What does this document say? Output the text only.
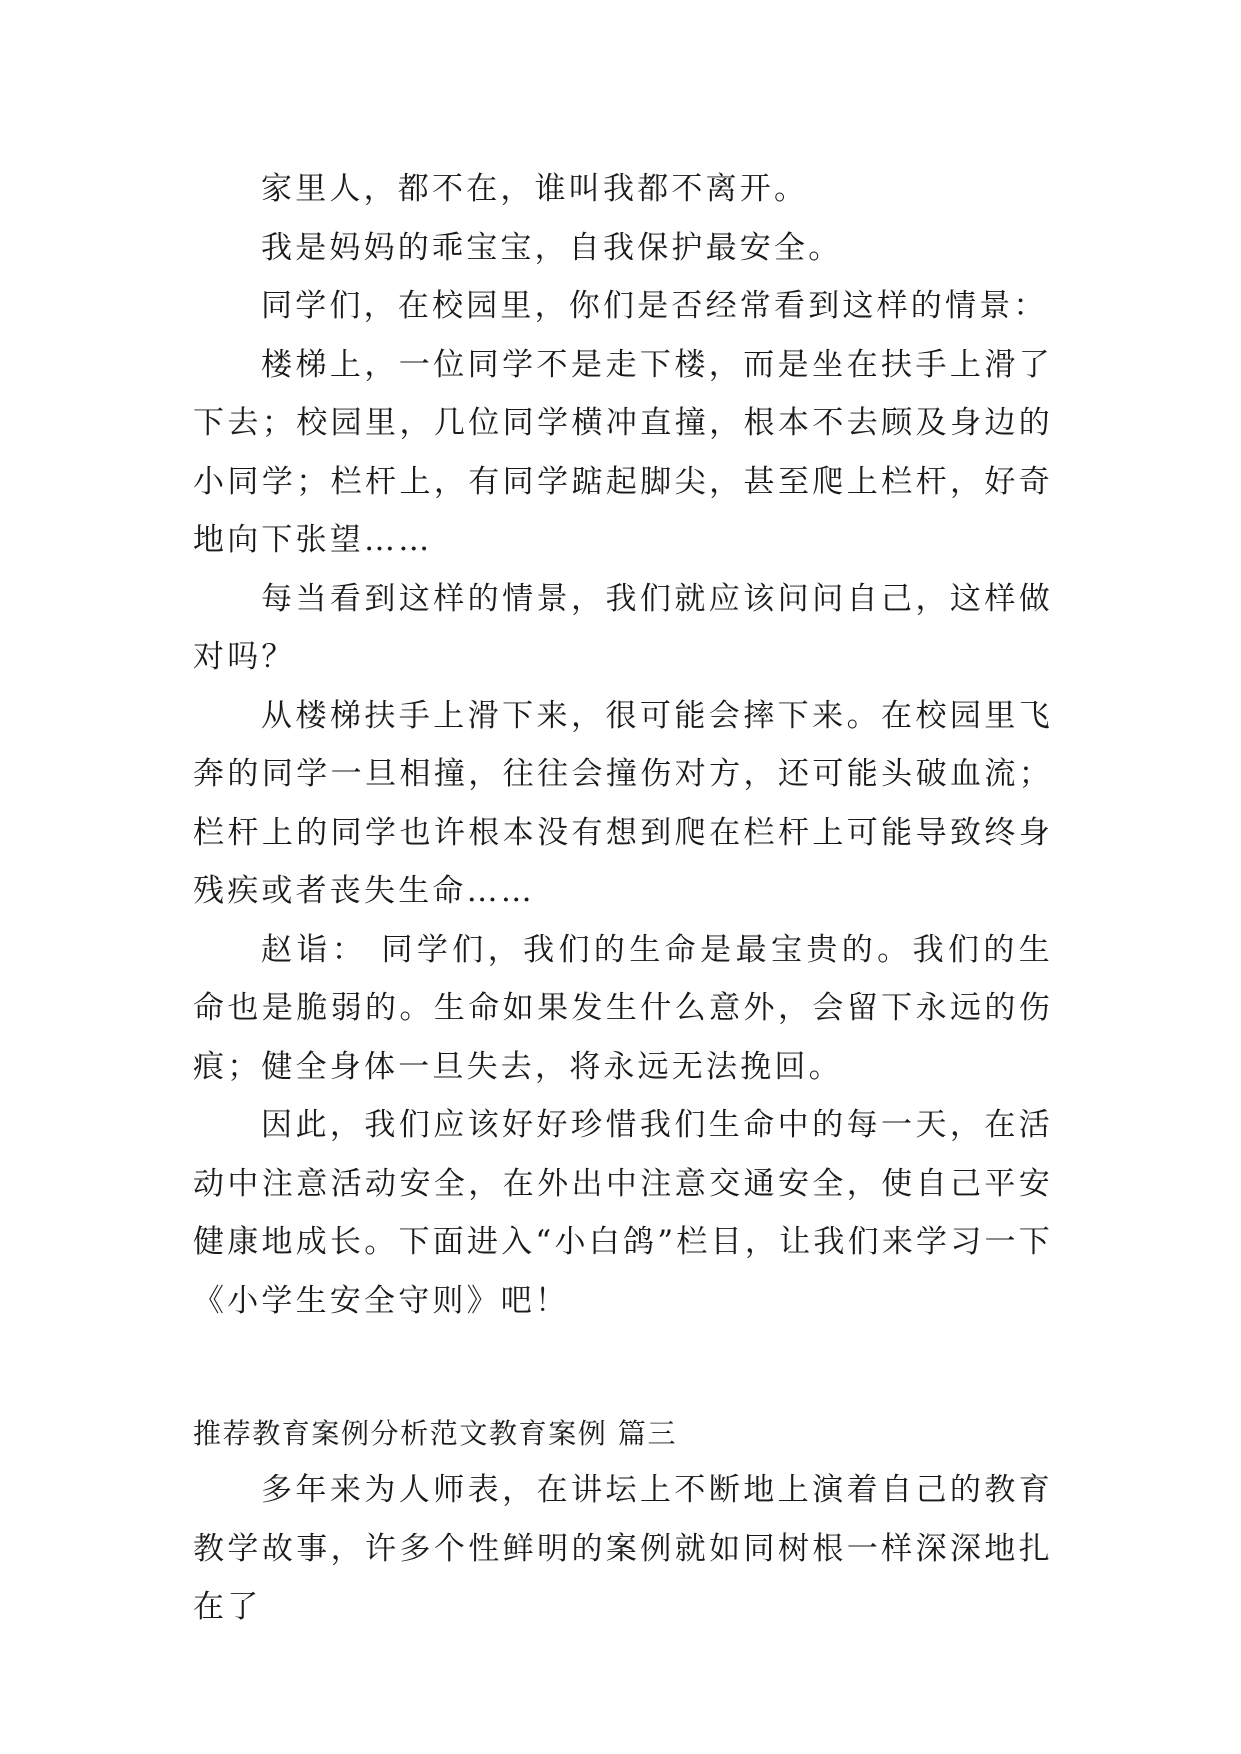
家里人，都不在，谁叫我都不离开。

我是妈妈的乖宝宝，自我保护最安全。

同学们，在校园里，你们是否经常看到这样的情景：

楼梯上，一位同学不是走下楼，而是坐在扶手上滑了下去；校园里，几位同学横冲直撞，根本不去顾及身边的小同学；栏杆上，有同学踮起脚尖，甚至爬上栏杆，好奇地向下张望……

每当看到这样的情景，我们就应该问问自己，这样做对吗？

从楼梯扶手上滑下来，很可能会摔下来。在校园里飞奔的同学一旦相撞，往往会撞伤对方，还可能头破血流；栏杆上的同学也许根本没有想到爬在栏杆上可能导致终身残疾或者丧失生命……

赵诣： 同学们，我们的生命是最宝贵的。我们的生命也是脆弱的。生命如果发生什么意外，会留下永远的伤痕；健全身体一旦失去，将永远无法挽回。

因此，我们应该好好珍惜我们生命中的每一天，在活动中注意活动安全，在外出中注意交通安全，使自己平安健康地成长。下面进入“小白鸽”栏目，让我们来学习一下《小学生安全守则》吧！

推荐教育案例分析范文教育案例 篇三

多年来为人师表，在讲坛上不断地上演着自己的教育教学故事，许多个性鲜明的案例就如同树根一样深深地扎在了
